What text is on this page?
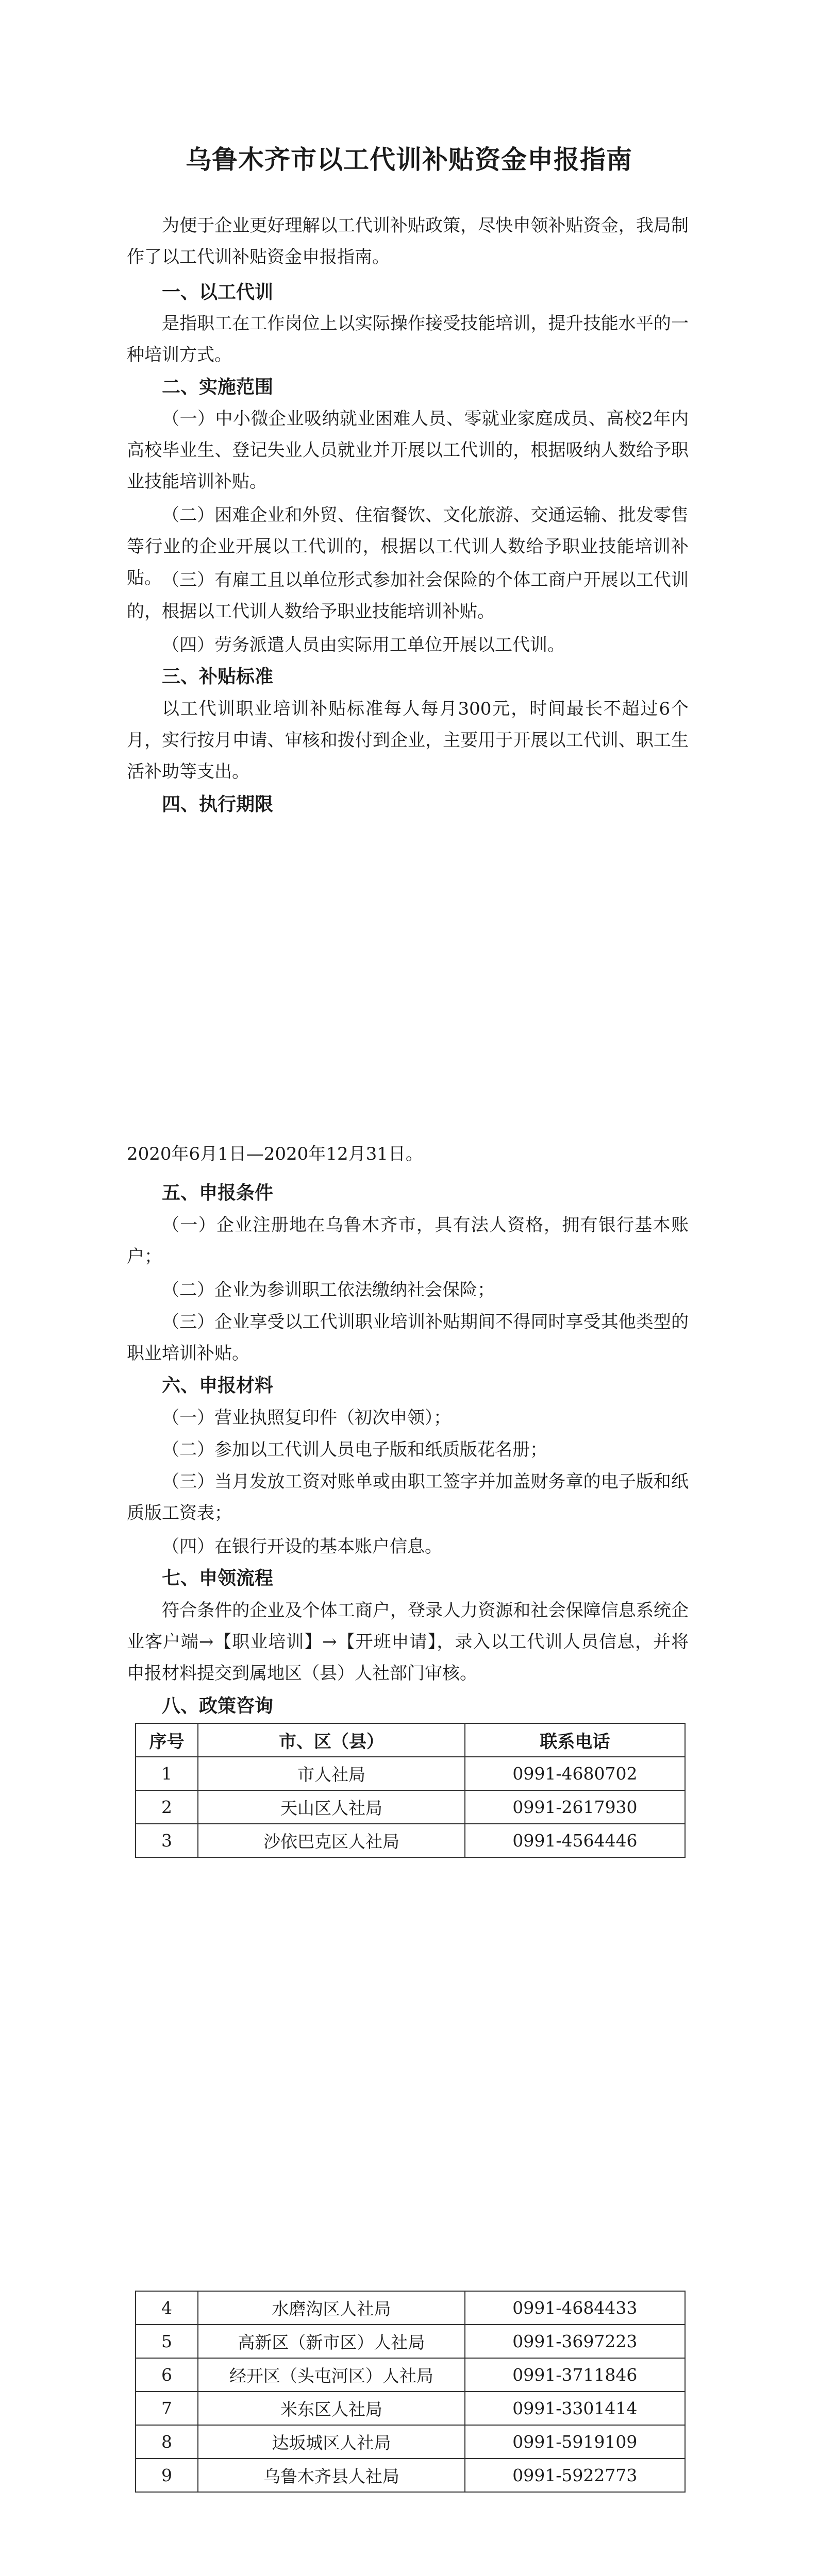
乌鲁木齐市以工代训补贴资金申报指南

为便于企业更好理解以工代训补贴政策，尽快申领补贴资金，我局制作了以工代训补贴资金申报指南。

一、以工代训

是指职工在工作岗位上以实际操作接受技能培训，提升技能水平的一种培训方式。

二、实施范围

（一）中小微企业吸纳就业困难人员、零就业家庭成员、高校2年内高校毕业生、登记失业人员就业并开展以工代训的，根据吸纳人数给予职业技能培训补贴。

（二）困难企业和外贸、住宿餐饮、文化旅游、交通运输、批发零售等行业的企业开展以工代训的，根据以工代训人数给予职业技能培训补贴。 （三）有雇工且以单位形式参加社会保险的个体工商户开展以工代训的，根据以工代训人数给予职业技能培训补贴。

（四）劳务派遣人员由实际用工单位开展以工代训。

三、补贴标准

以工代训职业培训补贴标准每人每月300元，时间最长不超过6个月，实行按月申请、审核和拨付到企业，主要用于开展以工代训、职工生活补助等支出。

四、执行期限

2020年6月1日—2020年12月31日。

五、申报条件

（一）企业注册地在乌鲁木齐市，具有法人资格，拥有银行基本账户；

（二）企业为参训职工依法缴纳社会保险；

（三）企业享受以工代训职业培训补贴期间不得同时享受其他类型的职业培训补贴。

六、申报材料

（一）营业执照复印件（初次申领）；

（二）参加以工代训人员电子版和纸质版花名册；

（三）当月发放工资对账单或由职工签字并加盖财务章的电子版和纸质版工资表；

（四）在银行开设的基本账户信息。

七、申领流程

符合条件的企业及个体工商户，登录人力资源和社会保障信息系统企业客户端→【职业培训】→【开班申请】，录入以工代训人员信息，并将申报材料提交到属地区（县）人社部门审核。

八、政策咨询

序号	市、区（县）	联系电话
1	市人社局	0991-4680702
2	天山区人社局	0991-2617930
3	沙依巴克区人社局	0991-4564446
4	水磨沟区人社局	0991-4684433
5	高新区（新市区）人社局	0991-3697223
6	经开区（头屯河区）人社局	0991-3711846
7	米东区人社局	0991-3301414
8	达坂城区人社局	0991-5919109
9	乌鲁木齐县人社局	0991-5922773
